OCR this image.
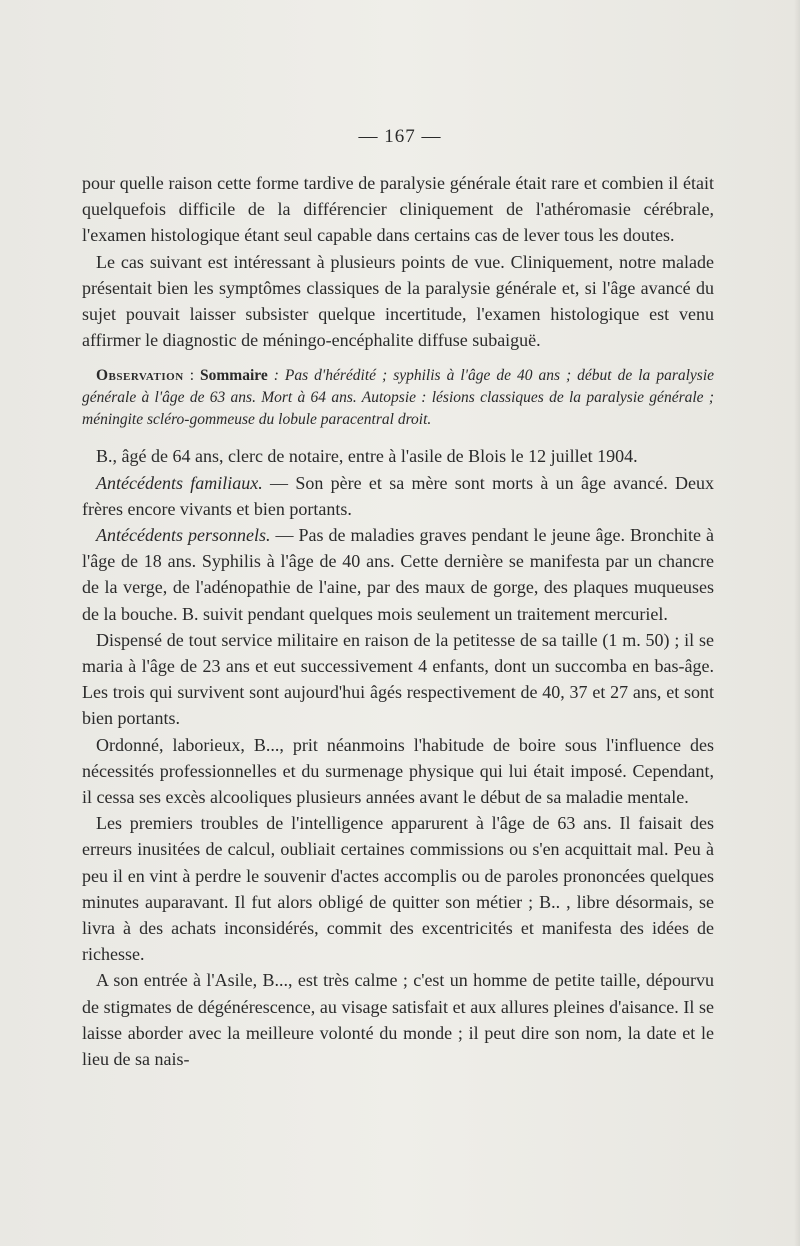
— 167 —

pour quelle raison cette forme tardive de paralysie générale était rare et combien il était quelquefois difficile de la différencier cliniquement de l'athéromasie cérébrale, l'examen histologique étant seul capable dans certains cas de lever tous les doutes.

Le cas suivant est intéressant à plusieurs points de vue. Cliniquement, notre malade présentait bien les symptômes classiques de la paralysie générale et, si l'âge avancé du sujet pouvait laisser subsister quelque incertitude, l'examen histologique est venu affirmer le diagnostic de méningo-encéphalite diffuse subaiguë.

Observation : Sommaire : Pas d'hérédité ; syphilis à l'âge de 40 ans ; début de la paralysie générale à l'âge de 63 ans. Mort à 64 ans. Autopsie : lésions classiques de la paralysie générale ; méningite scléro-gommeuse du lobule paracentral droit.

B., âgé de 64 ans, clerc de notaire, entre à l'asile de Blois le 12 juillet 1904.

Antécédents familiaux. — Son père et sa mère sont morts à un âge avancé. Deux frères encore vivants et bien portants.

Antécédents personnels. — Pas de maladies graves pendant le jeune âge. Bronchite à l'âge de 18 ans. Syphilis à l'âge de 40 ans. Cette dernière se manifesta par un chancre de la verge, de l'adénopathie de l'aine, par des maux de gorge, des plaques muqueuses de la bouche. B. suivit pendant quelques mois seulement un traitement mercuriel.

Dispensé de tout service militaire en raison de la petitesse de sa taille (1 m. 50) ; il se maria à l'âge de 23 ans et eut successivement 4 enfants, dont un succomba en bas-âge. Les trois qui survivent sont aujourd'hui âgés respectivement de 40, 37 et 27 ans, et sont bien portants.

Ordonné, laborieux, B..., prit néanmoins l'habitude de boire sous l'influence des nécessités professionnelles et du surmenage physique qui lui était imposé. Cependant, il cessa ses excès alcooliques plusieurs années avant le début de sa maladie mentale.

Les premiers troubles de l'intelligence apparurent à l'âge de 63 ans. Il faisait des erreurs inusitées de calcul, oubliait certaines commissions ou s'en acquittait mal. Peu à peu il en vint à perdre le souvenir d'actes accomplis ou de paroles prononcées quelques minutes auparavant. Il fut alors obligé de quitter son métier ; B.. , libre désormais, se livra à des achats inconsidérés, commit des excentricités et manifesta des idées de richesse.

A son entrée à l'Asile, B..., est très calme ; c'est un homme de petite taille, dépourvu de stigmates de dégénérescence, au visage satisfait et aux allures pleines d'aisance. Il se laisse aborder avec la meilleure volonté du monde ; il peut dire son nom, la date et le lieu de sa nais-
